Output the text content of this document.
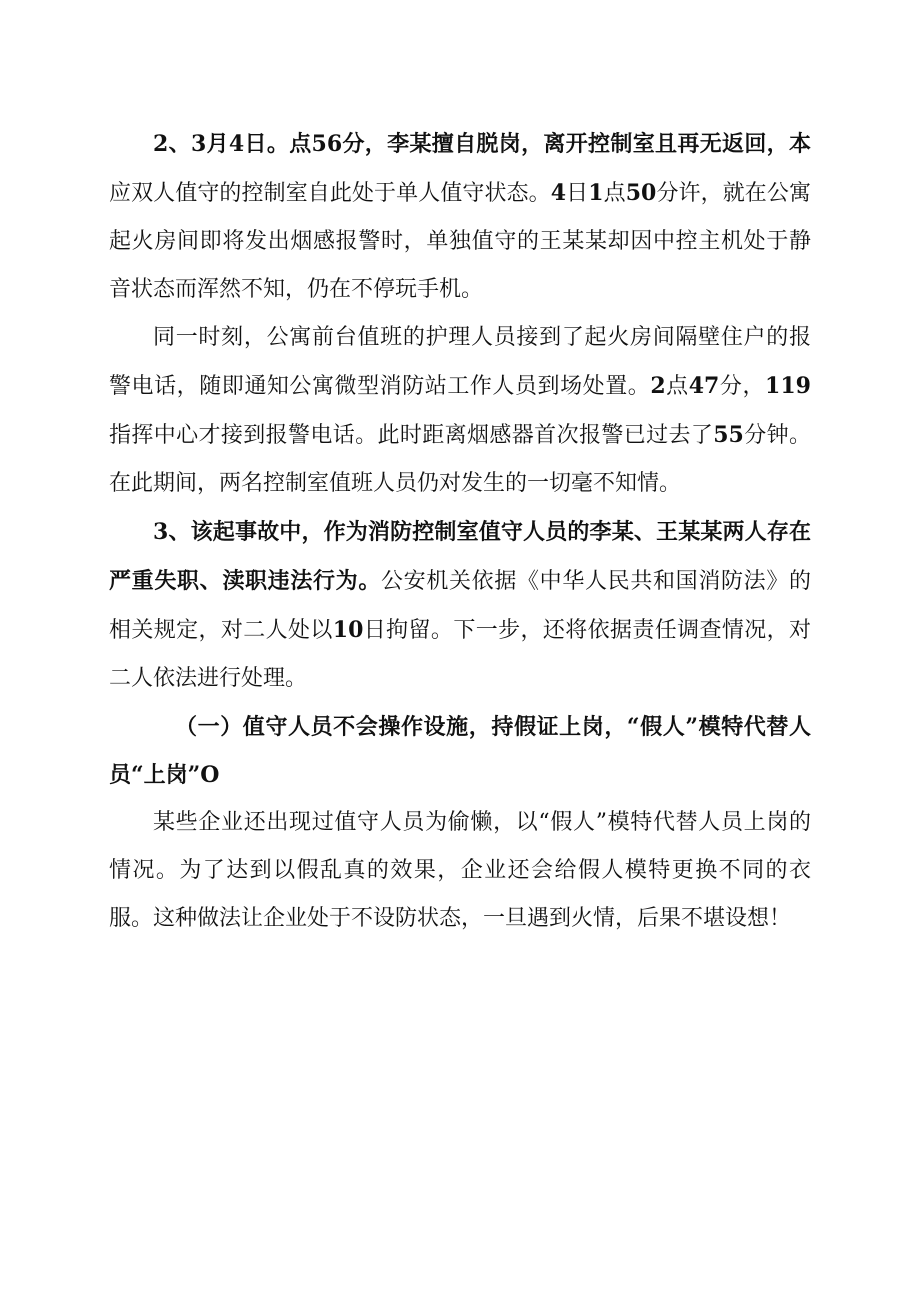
2、3月4日。点56分，李某擅自脱岗，离开控制室且再无返回，本应双人值守的控制室自此处于单人值守状态。4日1点50分许，就在公寓起火房间即将发出烟感报警时，单独值守的王某某却因中控主机处于静音状态而浑然不知，仍在不停玩手机。

同一时刻，公寓前台值班的护理人员接到了起火房间隔壁住户的报警电话，随即通知公寓微型消防站工作人员到场处置。2点47分，119指挥中心才接到报警电话。此时距离烟感器首次报警已过去了55分钟。在此期间，两名控制室值班人员仍对发生的一切毫不知情。

3、该起事故中，作为消防控制室值守人员的李某、王某某两人存在严重失职、渎职违法行为。公安机关依据《中华人民共和国消防法》的相关规定，对二人处以10日拘留。下一步，还将依据责任调查情况，对二人依法进行处理。

（一）值守人员不会操作设施，持假证上岗，“假人”模特代替人员“上岗”O

某些企业还出现过值守人员为偷懒，以“假人”模特代替人员上岗的情况。为了达到以假乱真的效果，企业还会给假人模特更换不同的衣服。这种做法让企业处于不设防状态，一旦遇到火情，后果不堪设想！
